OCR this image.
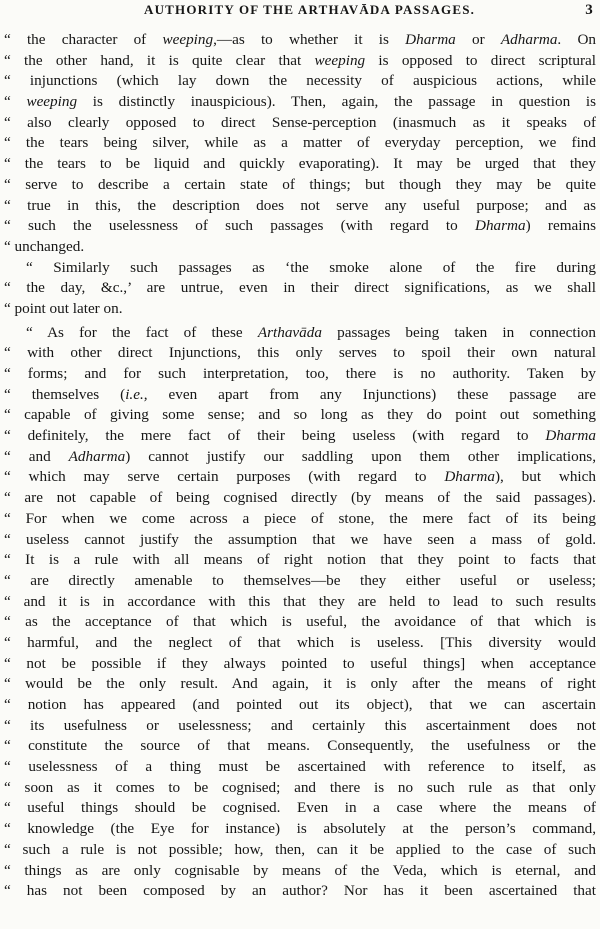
AUTHORITY OF THE ARTHAVĀDA PASSAGES.	3
“ the character of weeping,—as to whether it is Dharma or Adharma. On
“ the other hand, it is quite clear that weeping is opposed to direct scriptural
“ injunctions (which lay down the necessity of auspicious actions, while
“ weeping is distinctly inauspicious). Then, again, the passage in question is
“ also clearly opposed to direct Sense-perception (inasmuch as it speaks of
“ the tears being silver, while as a matter of everyday perception, we find
“ the tears to be liquid and quickly evaporating). It may be urged that they
“ serve to describe a certain state of things; but though they may be quite
“ true in this, the description does not serve any useful purpose; and as
“ such the uselessness of such passages (with regard to Dharma) remains
“ unchanged.
“ Similarly such passages as ‘the smoke alone of the fire during
“ the day, &c.,’ are untrue, even in their direct significations, as we shall
“ point out later on.
“ As for the fact of these Arthavāda passages being taken in connection
“ with other direct Injunctions, this only serves to spoil their own natural
“ forms; and for such interpretation, too, there is no authority. Taken by
“ themselves (i.e., even apart from any Injunctions) these passage are
“ capable of giving some sense; and so long as they do point out something
“ definitely, the mere fact of their being useless (with regard to Dharma
“ and Adharma) cannot justify our saddling upon them other implications,
“ which may serve certain purposes (with regard to Dharma), but which
“ are not capable of being cognised directly (by means of the said passages).
“ For when we come across a piece of stone, the mere fact of its being
“ useless cannot justify the assumption that we have seen a mass of gold.
“ It is a rule with all means of right notion that they point to facts that
“ are directly amenable to themselves—be they either useful or useless;
“ and it is in accordance with this that they are held to lead to such results
“ as the acceptance of that which is useful, the avoidance of that which is
“ harmful, and the neglect of that which is useless. [This diversity would
“ not be possible if they always pointed to useful things] when acceptance
“ would be the only result. And again, it is only after the means of right
“ notion has appeared (and pointed out its object), that we can ascertain
“ its usefulness or uselessness; and certainly this ascertainment does not
“ constitute the source of that means. Consequently, the usefulness or the
“ uselessness of a thing must be ascertained with reference to itself, as
“ soon as it comes to be cognised; and there is no such rule as that only
“ useful things should be cognised. Even in a case where the means of
“ knowledge (the Eye for instance) is absolutely at the person’s command,
“ such a rule is not possible; how, then, can it be applied to the case of such
“ things as are only cognisable by means of the Veda, which is eternal, and
“ has not been composed by an author? Nor has it been ascertained that
